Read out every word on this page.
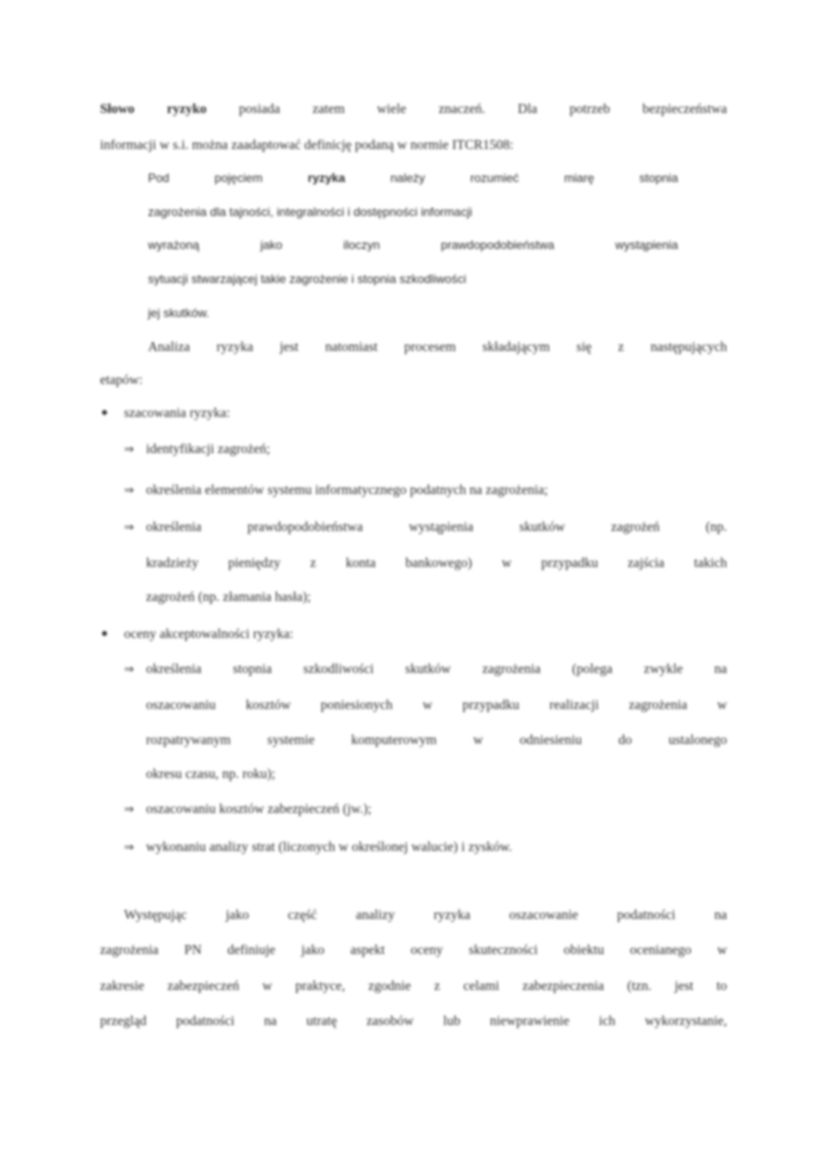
Słowo ryzyko posiada zatem wiele znaczeń. Dla potrzeb bezpieczeństwa
informacji w s.i. można zaadaptować definicję podaną w normie ITCR1508:
Pod pojęciem	ryzyka	należy rozumieć miarę stopnia
zagrożenia dla tajności, integralności i dostępności informacji
wyrażoną jako iloczyn prawdopodobieństwa wystąpienia
sytuacji stwarzającej takie zagrożenie i stopnia szkodliwości
jej skutków.
Analiza ryzyka jest natomiast procesem składającym się z następujących
etapów:
szacowania ryzyka:
⇒ identyfikacji zagrożeń;
⇒ określenia elementów systemu informatycznego podatnych na zagrożenia;
⇒ określenia prawdopodobieństwa wystąpienia skutków zagrożeń (np.
kradzieży pieniędzy z konta bankowego) w przypadku zajścia takich
zagrożeń (np. złamania hasła);
oceny akceptowalności ryzyka:
⇒ określenia stopnia szkodliwości skutków zagrożenia (polega zwykle na
oszacowaniu kosztów poniesionych w przypadku realizacji zagrożenia w
rozpatrywanym systemie komputerowym w odniesieniu do ustalonego
okresu czasu, np. roku);
⇒ oszacowaniu kosztów zabezpieczeń (jw.);
⇒ wykonaniu analizy strat (liczonych w określonej walucie) i zysków.
Występując jako część analizy ryzyka oszacowanie podatności na
zagrożenia PN definiuje jako aspekt oceny skuteczności obiektu ocenianego w
zakresie zabezpieczeń w praktyce, zgodnie z celami zabezpieczenia (tzn. jest to
przegląd podatności na utratę zasobów lub niewprawienie ich wykorzystanie,
